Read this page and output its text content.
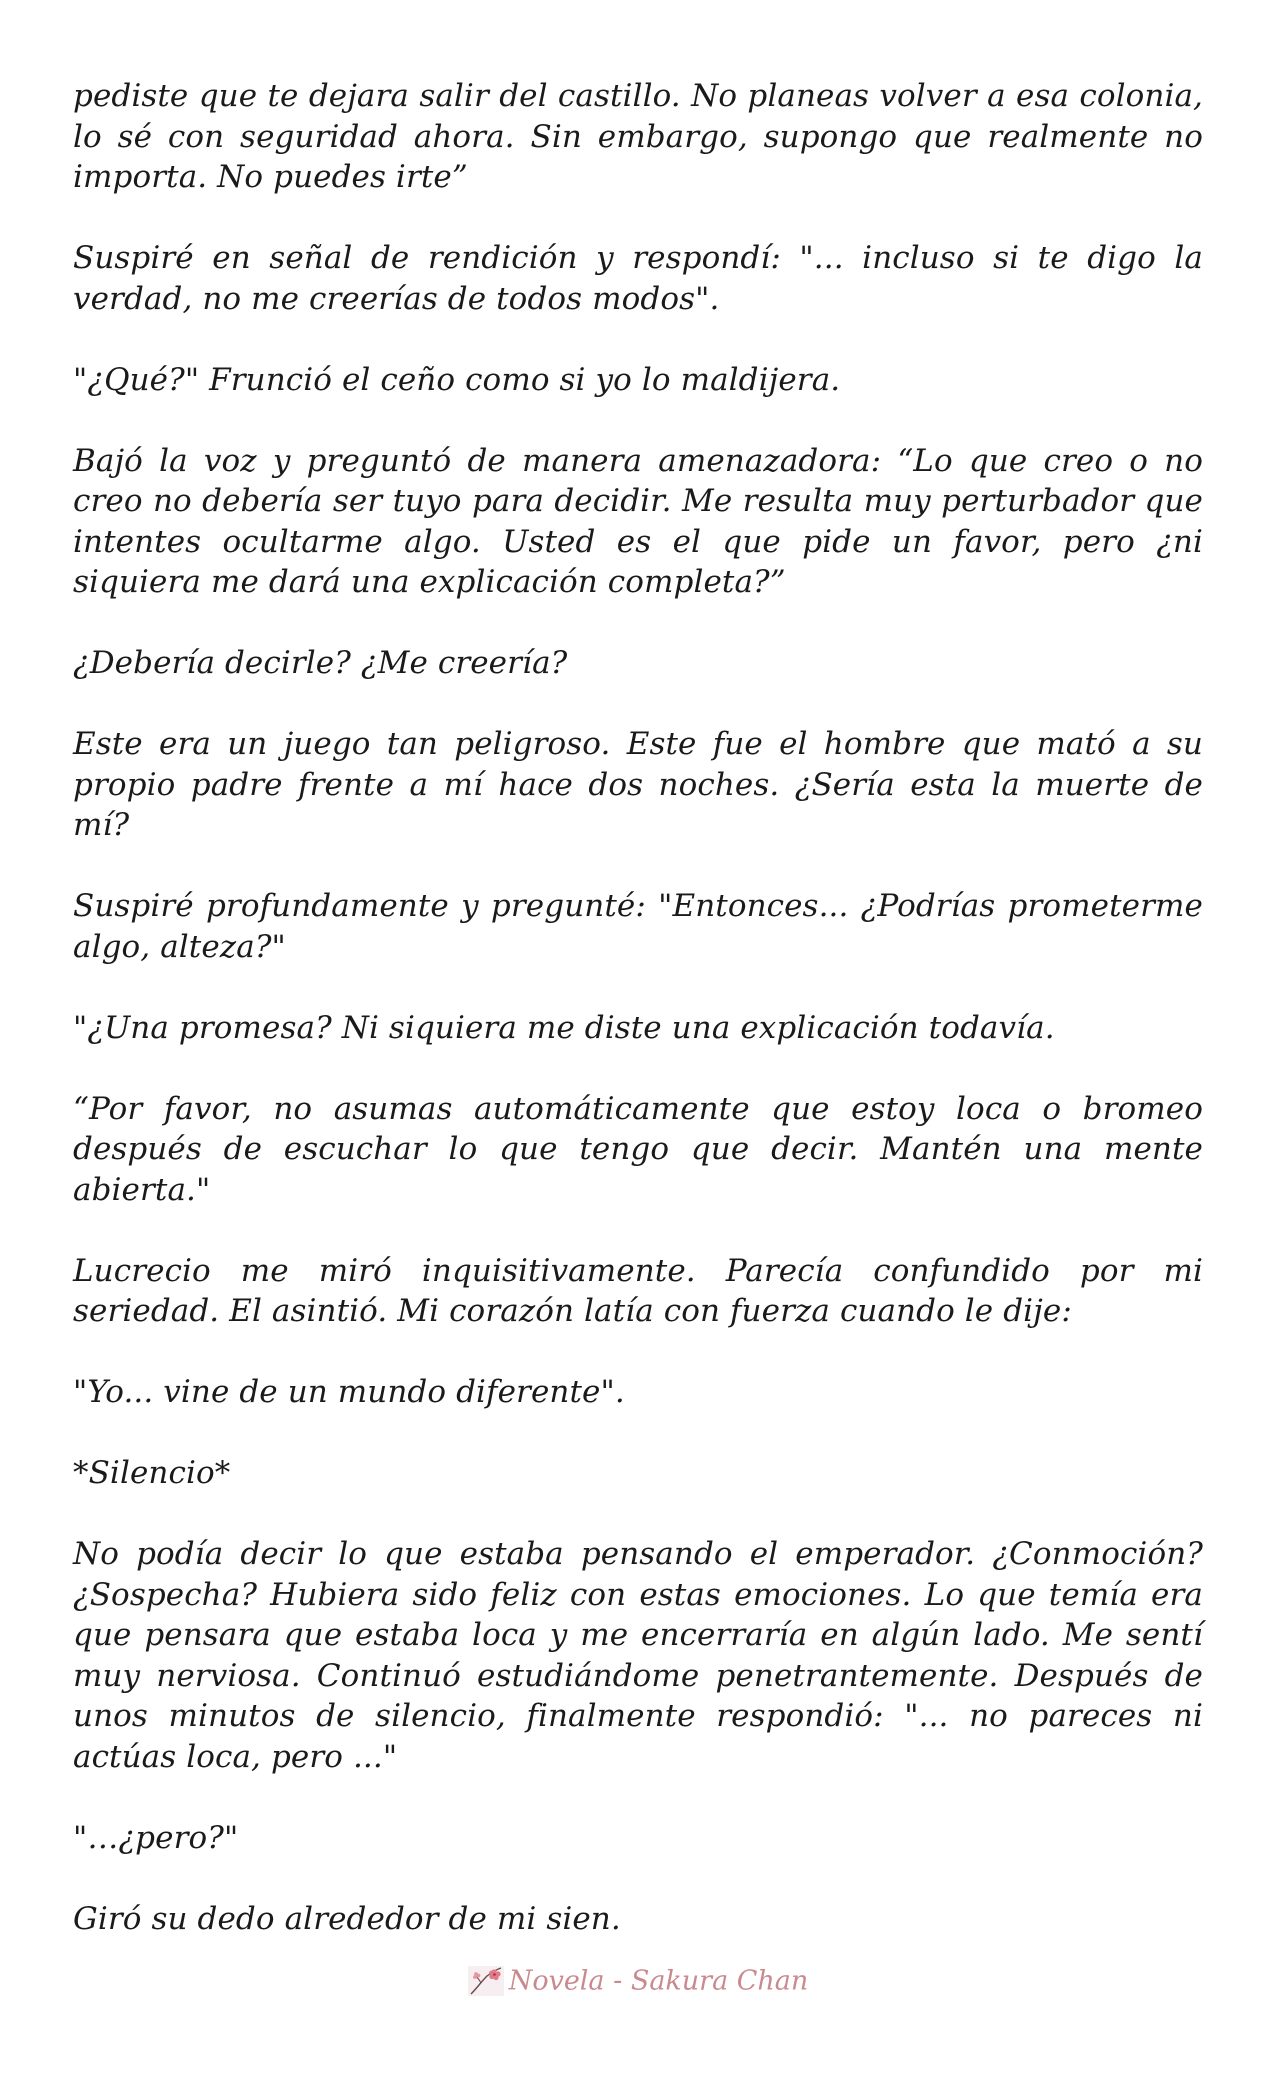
pediste que te dejara salir del castillo. No planeas volver a esa colonia, lo sé con seguridad ahora. Sin embargo, supongo que realmente no importa. No puedes irte”

Suspiré en señal de rendición y respondí: "... incluso si te digo la verdad, no me creerías de todos modos".

"¿Qué?" Frunció el ceño como si yo lo maldijera.

Bajó la voz y preguntó de manera amenazadora: “Lo que creo o no creo no debería ser tuyo para decidir. Me resulta muy perturbador que intentes ocultarme algo. Usted es el que pide un favor, pero ¿ni siquiera me dará una explicación completa?”

¿Debería decirle? ¿Me creería?

Este era un juego tan peligroso. Este fue el hombre que mató a su propio padre frente a mí hace dos noches. ¿Sería esta la muerte de mí?

Suspiré profundamente y pregunté: "Entonces... ¿Podrías prometerme algo, alteza?"

"¿Una promesa? Ni siquiera me diste una explicación todavía.

“Por favor, no asumas automáticamente que estoy loca o bromeo después de escuchar lo que tengo que decir. Mantén una mente abierta."

Lucrecio me miró inquisitivamente. Parecía confundido por mi seriedad. El asintió. Mi corazón latía con fuerza cuando le dije:

"Yo... vine de un mundo diferente".

*Silencio*

No podía decir lo que estaba pensando el emperador. ¿Conmoción? ¿Sospecha? Hubiera sido feliz con estas emociones. Lo que temía era que pensara que estaba loca y me encerraría en algún lado. Me sentí muy nerviosa. Continuó estudiándome penetrantemente. Después de unos minutos de silencio, finalmente respondió: "... no pareces ni actúas loca, pero ..."

"…¿pero?"

Giró su dedo alrededor de mi sien.

Novela - Sakura Chan
